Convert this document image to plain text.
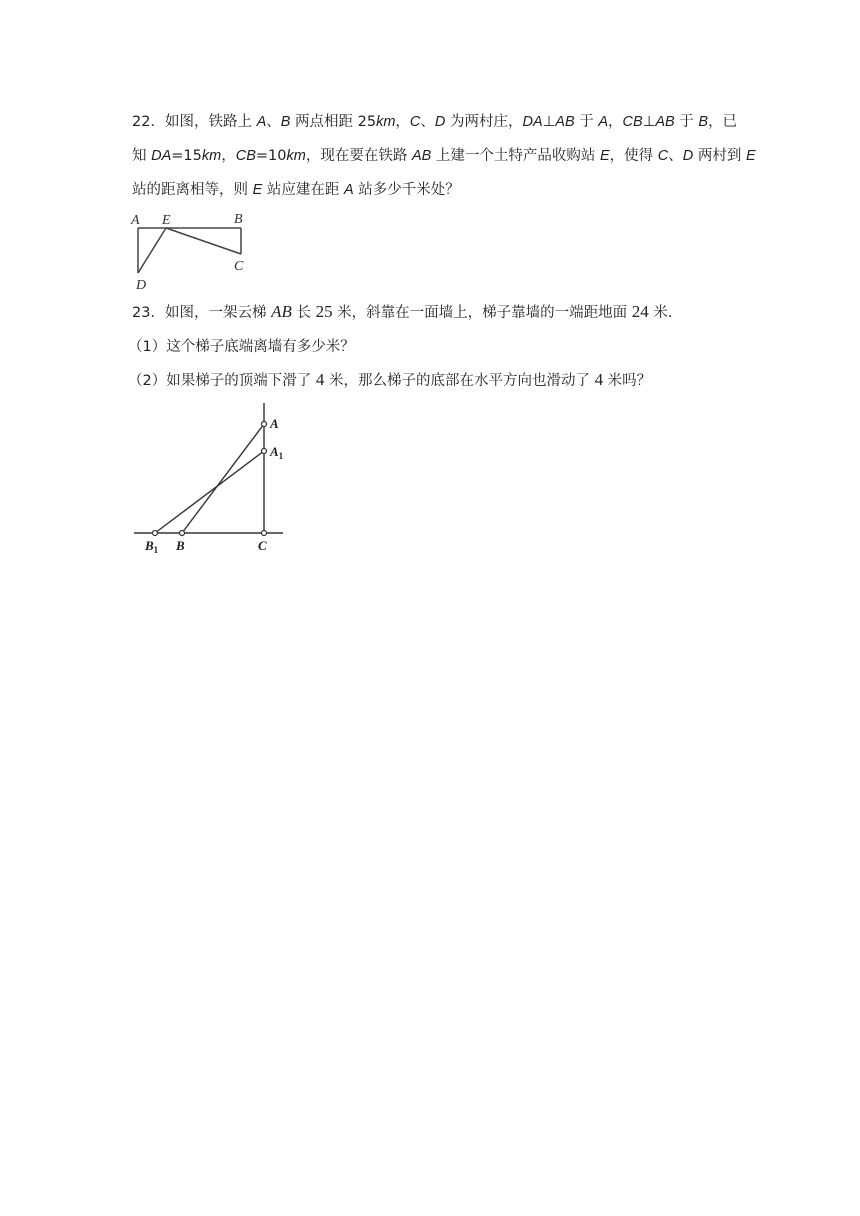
22．如图，铁路上 A、B 两点相距 25km，C、D 为两村庄，DA⊥AB 于 A，CB⊥AB 于 B，已
知 DA=15km，CB=10km，现在要在铁路 AB 上建一个土特产品收购站 E，使得 C、D 两村到 E
站的距离相等，则 E 站应建在距 A 站多少千米处？
A E	B
C
D
23．如图，一架云梯 AB 长 25 米，斜靠在一面墙上，梯子靠墙的一端距地面 24 米.
（1）这个梯子底端离墙有多少米？
（2）如果梯子的顶端下滑了 4 米，那么梯子的底部在水平方向也滑动了 4 米吗？
A
$A_1$
$B_1$ B	C
